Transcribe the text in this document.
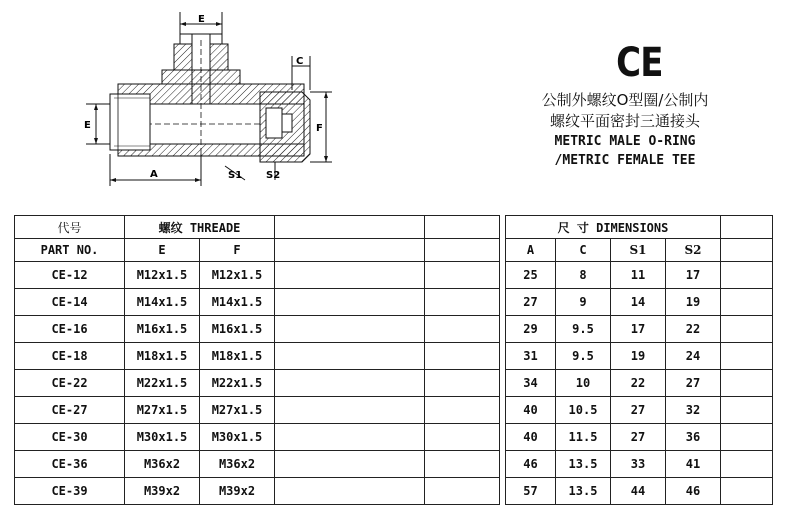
E
C
F
E
A	S1 S2
CE
公制外螺纹O型圈/公制内
螺纹平面密封三通接头
METRIC MALE O-RING
/METRIC FEMALE TEE
代号	螺纹 THREADE			
PART NO.	E	F		
CE-12	M12x1.5	M12x1.5		
CE-14	M14x1.5	M14x1.5		
CE-16	M16x1.5	M16x1.5		
CE-18	M18x1.5	M18x1.5		
CE-22	M22x1.5	M22x1.5		
CE-27	M27x1.5	M27x1.5		
CE-30	M30x1.5	M30x1.5		
CE-36	M36x2	M36x2		
CE-39	M39x2	M39x2		
尺 寸 DIMENSIONS				
A	C	S1	S2	
25	8	11	17	
27	9	14	19	
29	9.5	17	22	
31	9.5	19	24	
34	10	22	27	
40	10.5	27	32	
40	11.5	27	36	
46	13.5	33	41	
57	13.5	44	46	
